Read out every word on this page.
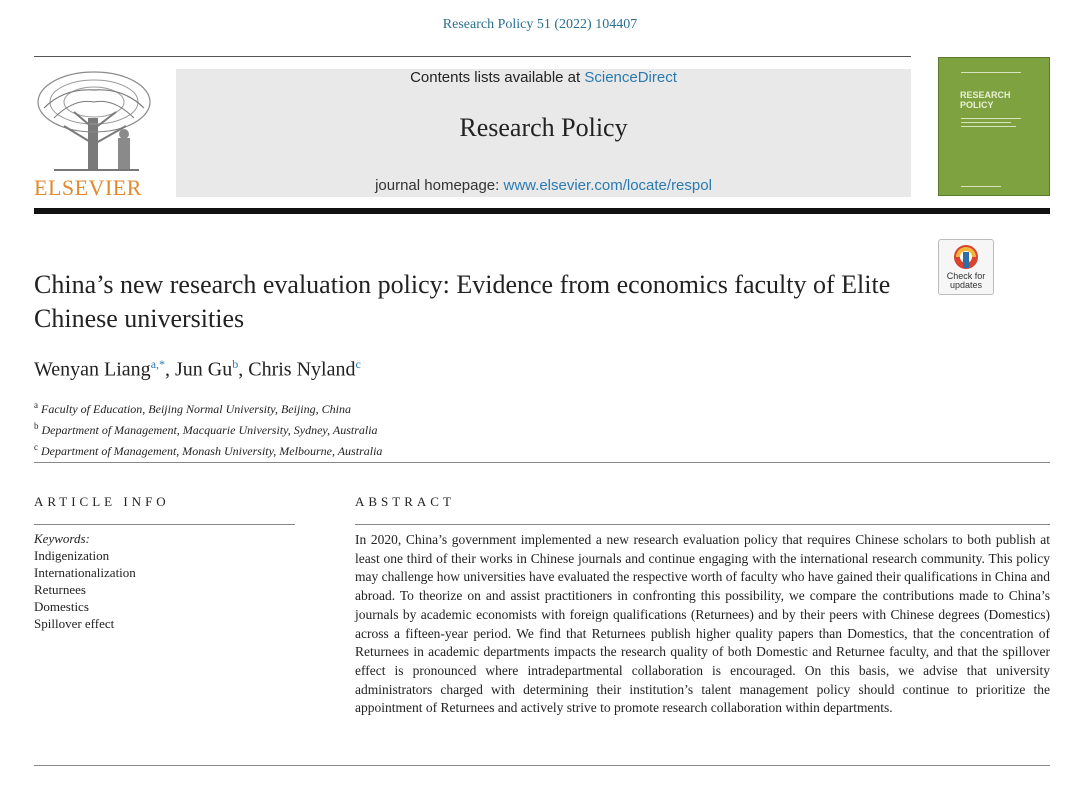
Research Policy 51 (2022) 104407
ELSEVIER
Contents lists available at ScienceDirect
Research Policy
journal homepage: www.elsevier.com/locate/respol
RESEARCH POLICY
Check for updates
China’s new research evaluation policy: Evidence from economics faculty of Elite Chinese universities
Wenyan Liang$^{a,*}$, Jun Gu$^b$, Chris Nyland$^c$
$^a$ Faculty of Education, Beijing Normal University, Beijing, China
$^b$ Department of Management, Macquarie University, Sydney, Australia
$^c$ Department of Management, Monash University, Melbourne, Australia
ARTICLE INFO
Keywords:
Indigenization
Internationalization
Returnees
Domestics
Spillover effect
ABSTRACT
In 2020, China’s government implemented a new research evaluation policy that requires Chinese scholars to both publish at least one third of their works in Chinese journals and continue engaging with the international research community. This policy may challenge how universities have evaluated the respective worth of faculty who have gained their qualifications in China and abroad. To theorize on and assist practitioners in confronting this possibility, we compare the contributions made to China’s journals by academic economists with foreign qualifications (Returnees) and by their peers with Chinese degrees (Domestics) across a fifteen-year period. We find that Returnees publish higher quality papers than Domestics, that the concentration of Returnees in academic departments impacts the research quality of both Domestic and Returnee faculty, and that the spillover effect is pronounced where intradepartmental collaboration is encouraged. On this basis, we advise that university administrators charged with determining their institution’s talent management policy should continue to prioritize the appointment of Returnees and actively strive to promote research collaboration within departments.
